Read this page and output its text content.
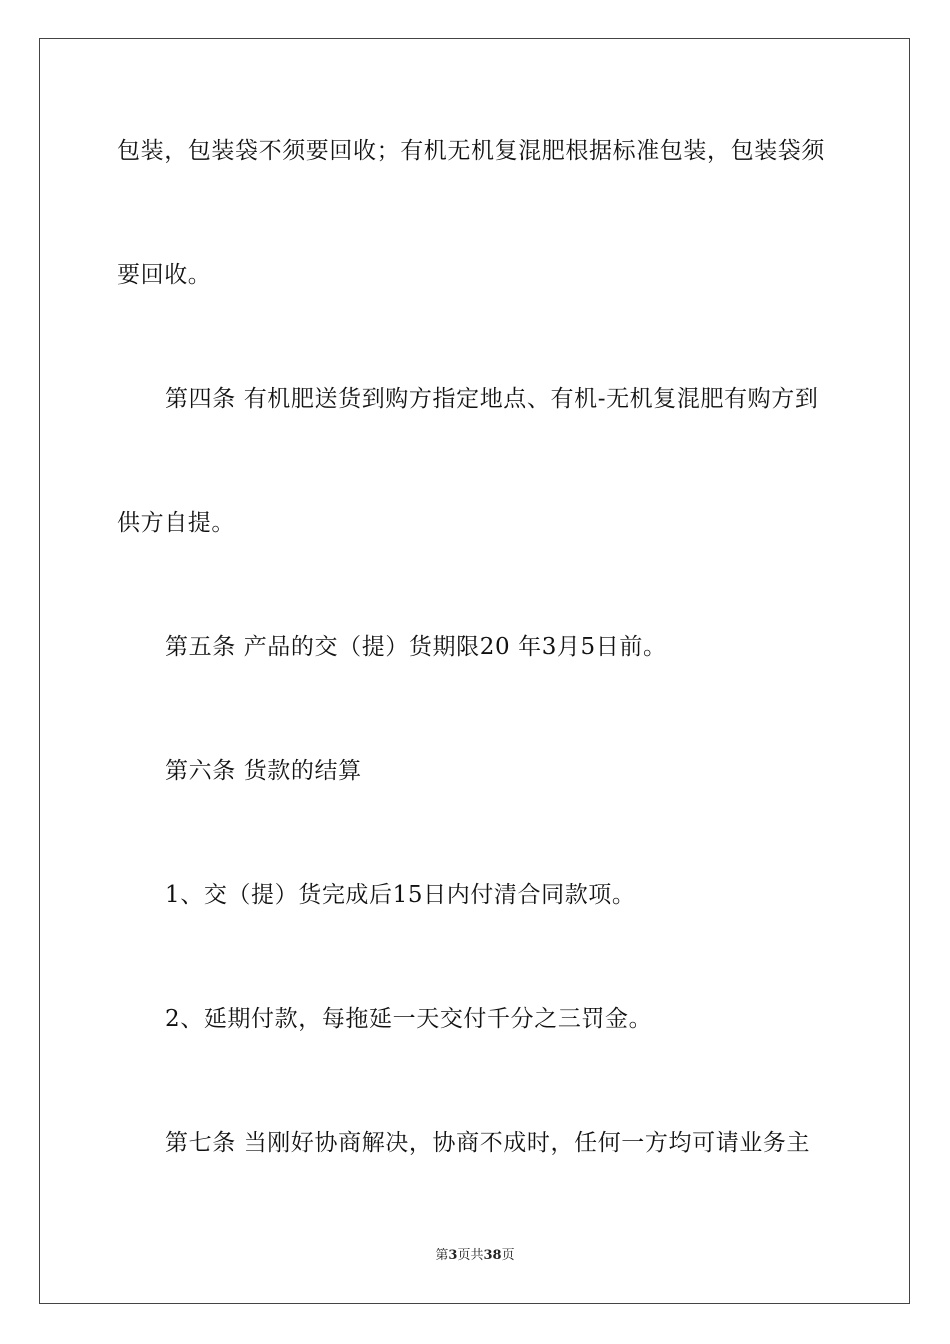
包装，包装袋不须要回收；有机无机复混肥根据标准包装，包装袋须
要回收。
第四条 有机肥送货到购方指定地点、有机-无机复混肥有购方到
供方自提。
第五条 产品的交（提）货期限20 年3月5日前。
第六条 货款的结算
1、交（提）货完成后15日内付清合同款项。
2、延期付款，每拖延一天交付千分之三罚金。
第七条 当刚好协商解决，协商不成时，任何一方均可请业务主
第3页共38页
